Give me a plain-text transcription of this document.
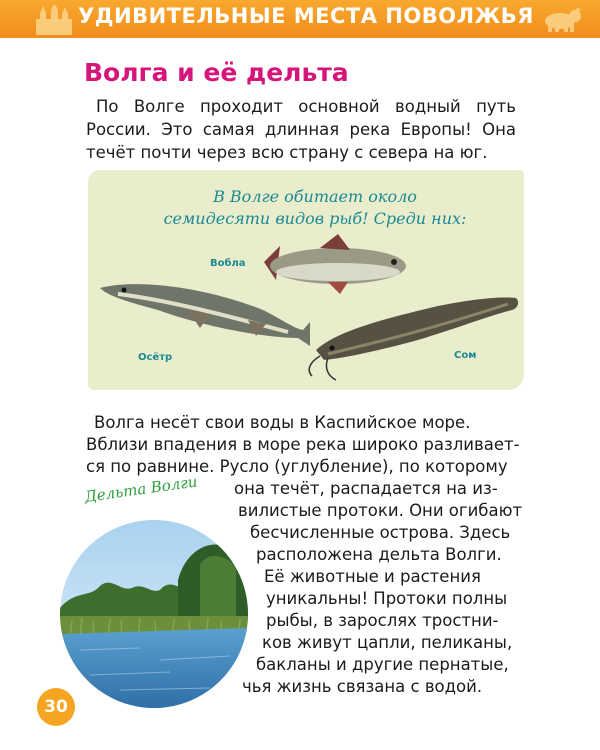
УДИВИТЕЛЬНЫЕ МЕСТА ПОВОЛЖЬЯ
Волга и её дельта

По Волге проходит основной водный путь России. Это самая длинная река Европы! Она течёт почти через всю страну с севера на юг.

В Волге обитает около
семидесяти видов рыб! Среди них:
Вобла
Осётр	Сом
Волга несёт свои воды в Каспийское море.
Вблизи впадения в море река широко разливает-
ся по равнине. Русло (углубление), по которому
она течёт, распадается на из-
вилистые протоки. Они огибают
бесчисленные острова. Здесь
расположена дельта Волги.
Её животные и растения
уникальны! Протоки полны
рыбы, в зарослях тростни-
ков живут цапли, пеликаны,
бакланы и другие пернатые,
чья жизнь связана с водой.
Дельта Волги
30
